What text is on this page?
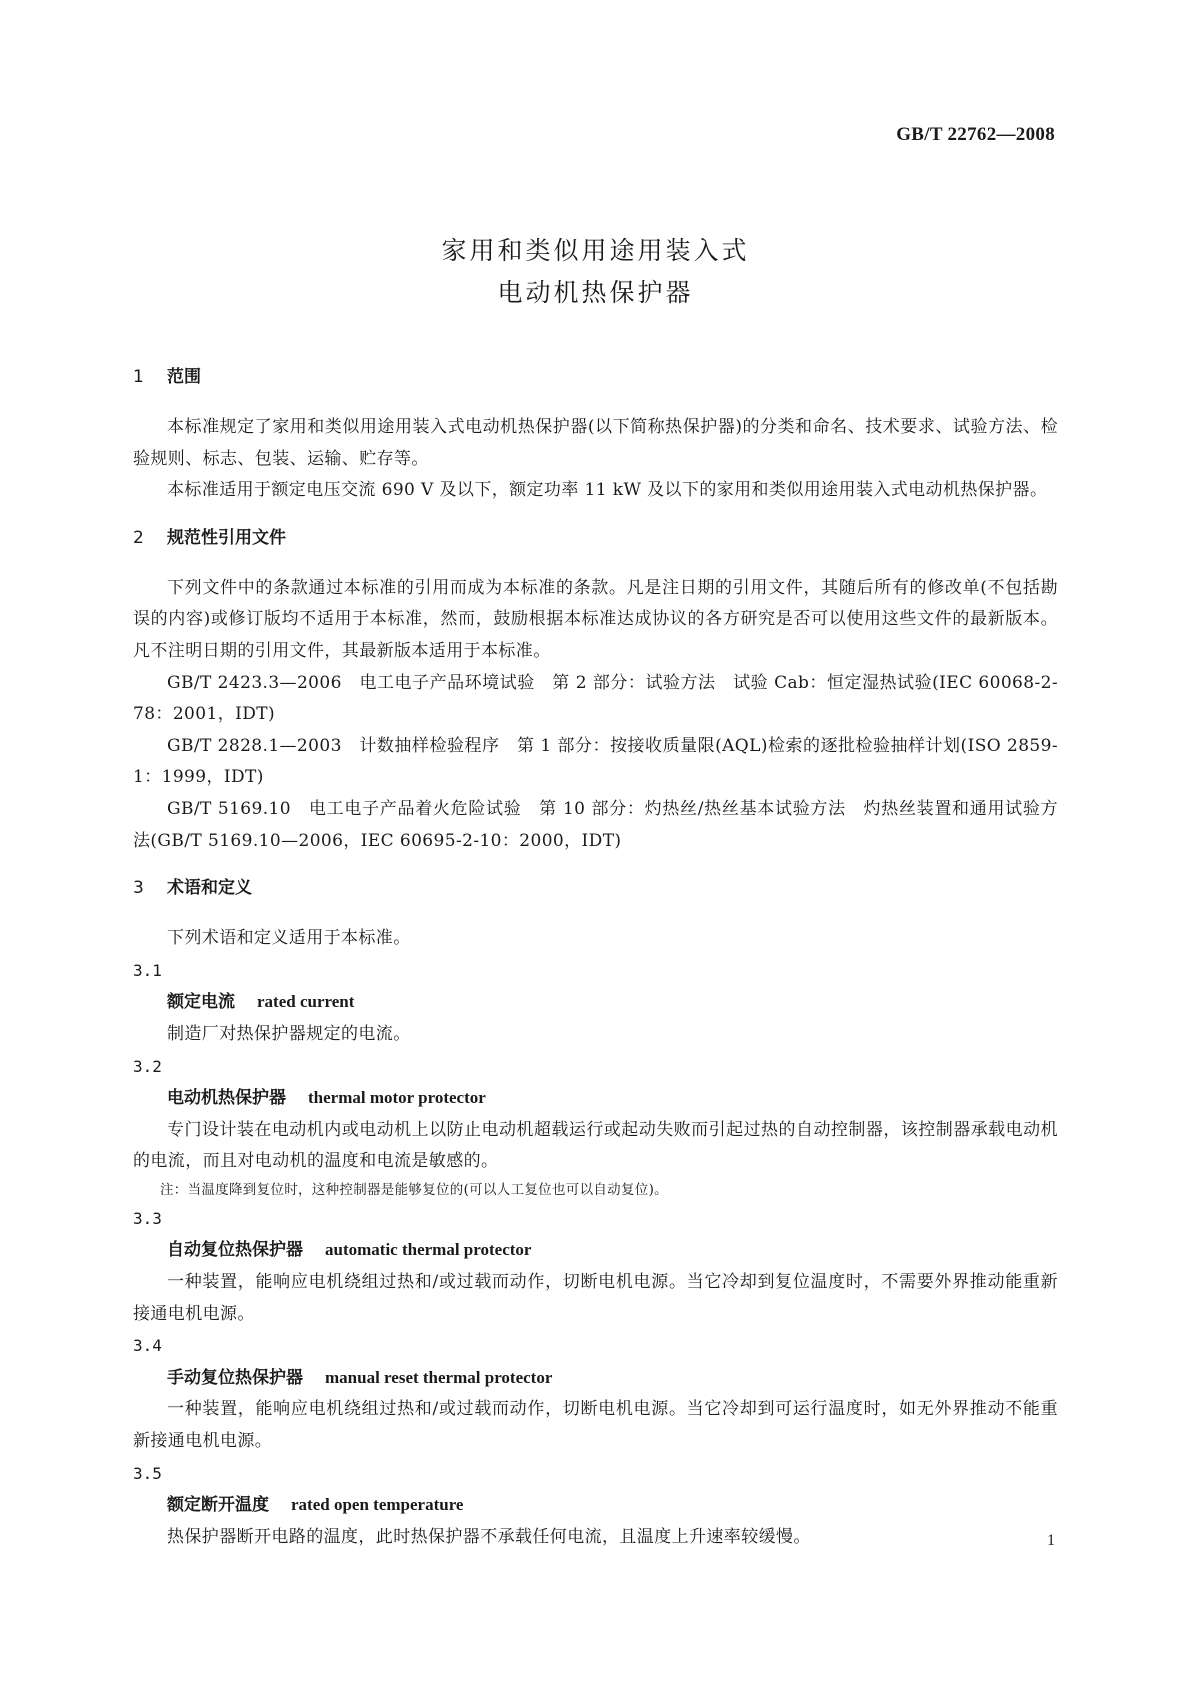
GB/T 22762—2008
家用和类似用途用装入式
电动机热保护器
1 范围

本标准规定了家用和类似用途用装入式电动机热保护器(以下简称热保护器)的分类和命名、技术要求、试验方法、检验规则、标志、包装、运输、贮存等。

本标准适用于额定电压交流 690 V 及以下，额定功率 11 kW 及以下的家用和类似用途用装入式电动机热保护器。

2 规范性引用文件

下列文件中的条款通过本标准的引用而成为本标准的条款。凡是注日期的引用文件，其随后所有的修改单(不包括勘误的内容)或修订版均不适用于本标准，然而，鼓励根据本标准达成协议的各方研究是否可以使用这些文件的最新版本。凡不注明日期的引用文件，其最新版本适用于本标准。

GB/T 2423.3—2006　电工电子产品环境试验　第 2 部分：试验方法　试验 Cab：恒定湿热试验(IEC 60068-2-78：2001，IDT)

GB/T 2828.1—2003　计数抽样检验程序　第 1 部分：按接收质量限(AQL)检索的逐批检验抽样计划(ISO 2859-1：1999，IDT)

GB/T 5169.10　电工电子产品着火危险试验　第 10 部分：灼热丝/热丝基本试验方法　灼热丝装置和通用试验方法(GB/T 5169.10—2006，IEC 60695-2-10：2000，IDT)

3 术语和定义

下列术语和定义适用于本标准。

3.1

额定电流 rated current

制造厂对热保护器规定的电流。

3.2

电动机热保护器 thermal motor protector

专门设计装在电动机内或电动机上以防止电动机超载运行或起动失败而引起过热的自动控制器，该控制器承载电动机的电流，而且对电动机的温度和电流是敏感的。

注：当温度降到复位时，这种控制器是能够复位的(可以人工复位也可以自动复位)。

3.3

自动复位热保护器 automatic thermal protector

一种装置，能响应电机绕组过热和/或过载而动作，切断电机电源。当它冷却到复位温度时，不需要外界推动能重新接通电机电源。

3.4

手动复位热保护器 manual reset thermal protector

一种装置，能响应电机绕组过热和/或过载而动作，切断电机电源。当它冷却到可运行温度时，如无外界推动不能重新接通电机电源。

3.5

额定断开温度 rated open temperature

热保护器断开电路的温度，此时热保护器不承载任何电流，且温度上升速率较缓慢。	1
